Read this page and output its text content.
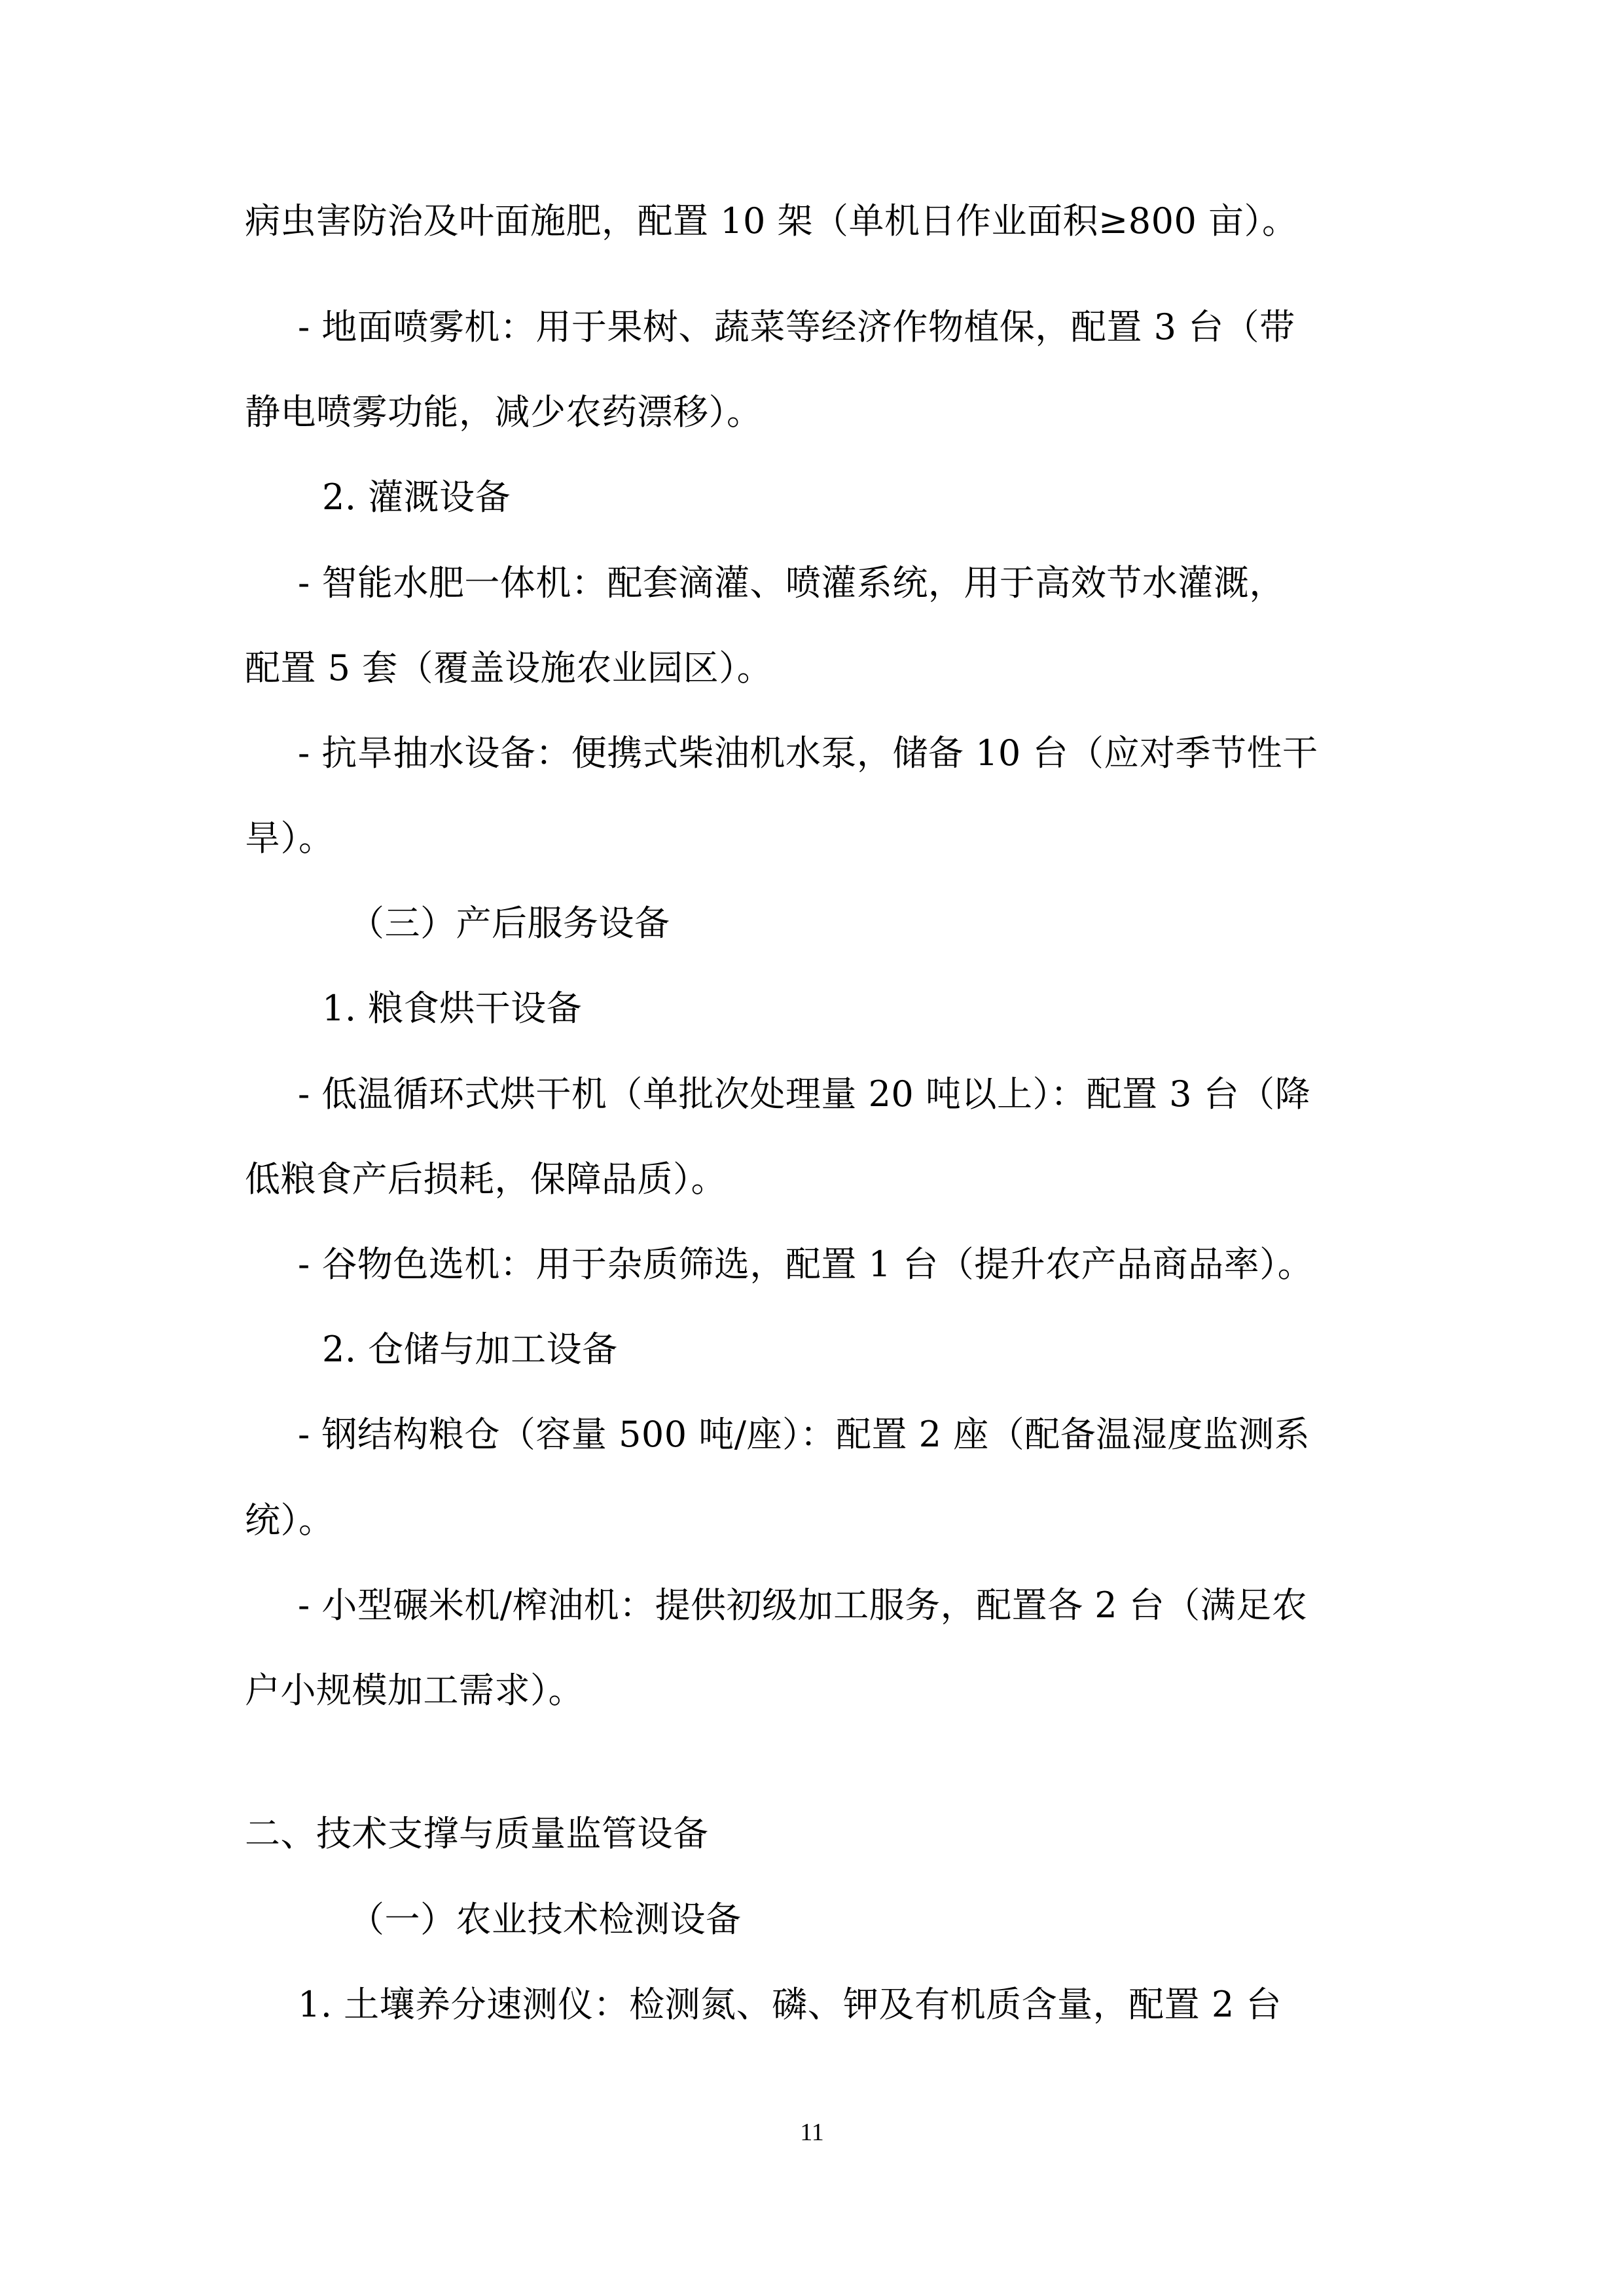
病虫害防治及叶面施肥，配置 10 架（单机日作业面积≥800 亩）。
- 地面喷雾机：用于果树、蔬菜等经济作物植保，配置 3 台（带
静电喷雾功能，减少农药漂移）。
2. 灌溉设备
- 智能水肥一体机：配套滴灌、喷灌系统，用于高效节水灌溉，
配置 5 套（覆盖设施农业园区）。
- 抗旱抽水设备：便携式柴油机水泵，储备 10 台（应对季节性干
旱）。
（三）产后服务设备
1. 粮食烘干设备
- 低温循环式烘干机（单批次处理量 20 吨以上）：配置 3 台（降
低粮食产后损耗，保障品质）。
- 谷物色选机：用于杂质筛选，配置 1 台（提升农产品商品率）。
2. 仓储与加工设备
- 钢结构粮仓（容量 500 吨/座）：配置 2 座（配备温湿度监测系
统）。
- 小型碾米机/榨油机：提供初级加工服务，配置各 2 台（满足农
户小规模加工需求）。
二、技术支撑与质量监管设备
（一）农业技术检测设备
1. 土壤养分速测仪：检测氮、磷、钾及有机质含量，配置 2 台
11
